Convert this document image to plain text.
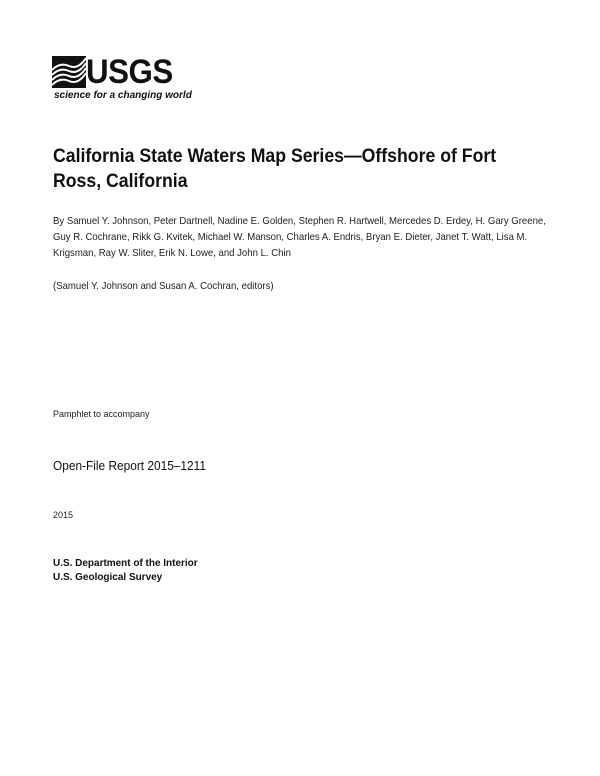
USGS
science for a changing world
California State Waters Map Series—Offshore of Fort Ross, California

By Samuel Y. Johnson, Peter Dartnell, Nadine E. Golden, Stephen R. Hartwell, Mercedes D. Erdey, H. Gary Greene, Guy R. Cochrane, Rikk G. Kvitek, Michael W. Manson, Charles A. Endris, Bryan E. Dieter, Janet T. Watt, Lisa M. Krigsman, Ray W. Sliter, Erik N. Lowe, and John L. Chin

(Samuel Y. Johnson and Susan A. Cochran, editors)

Pamphlet to accompany

Open-File Report 2015–1211

2015

U.S. Department of the Interior
U.S. Geological Survey
